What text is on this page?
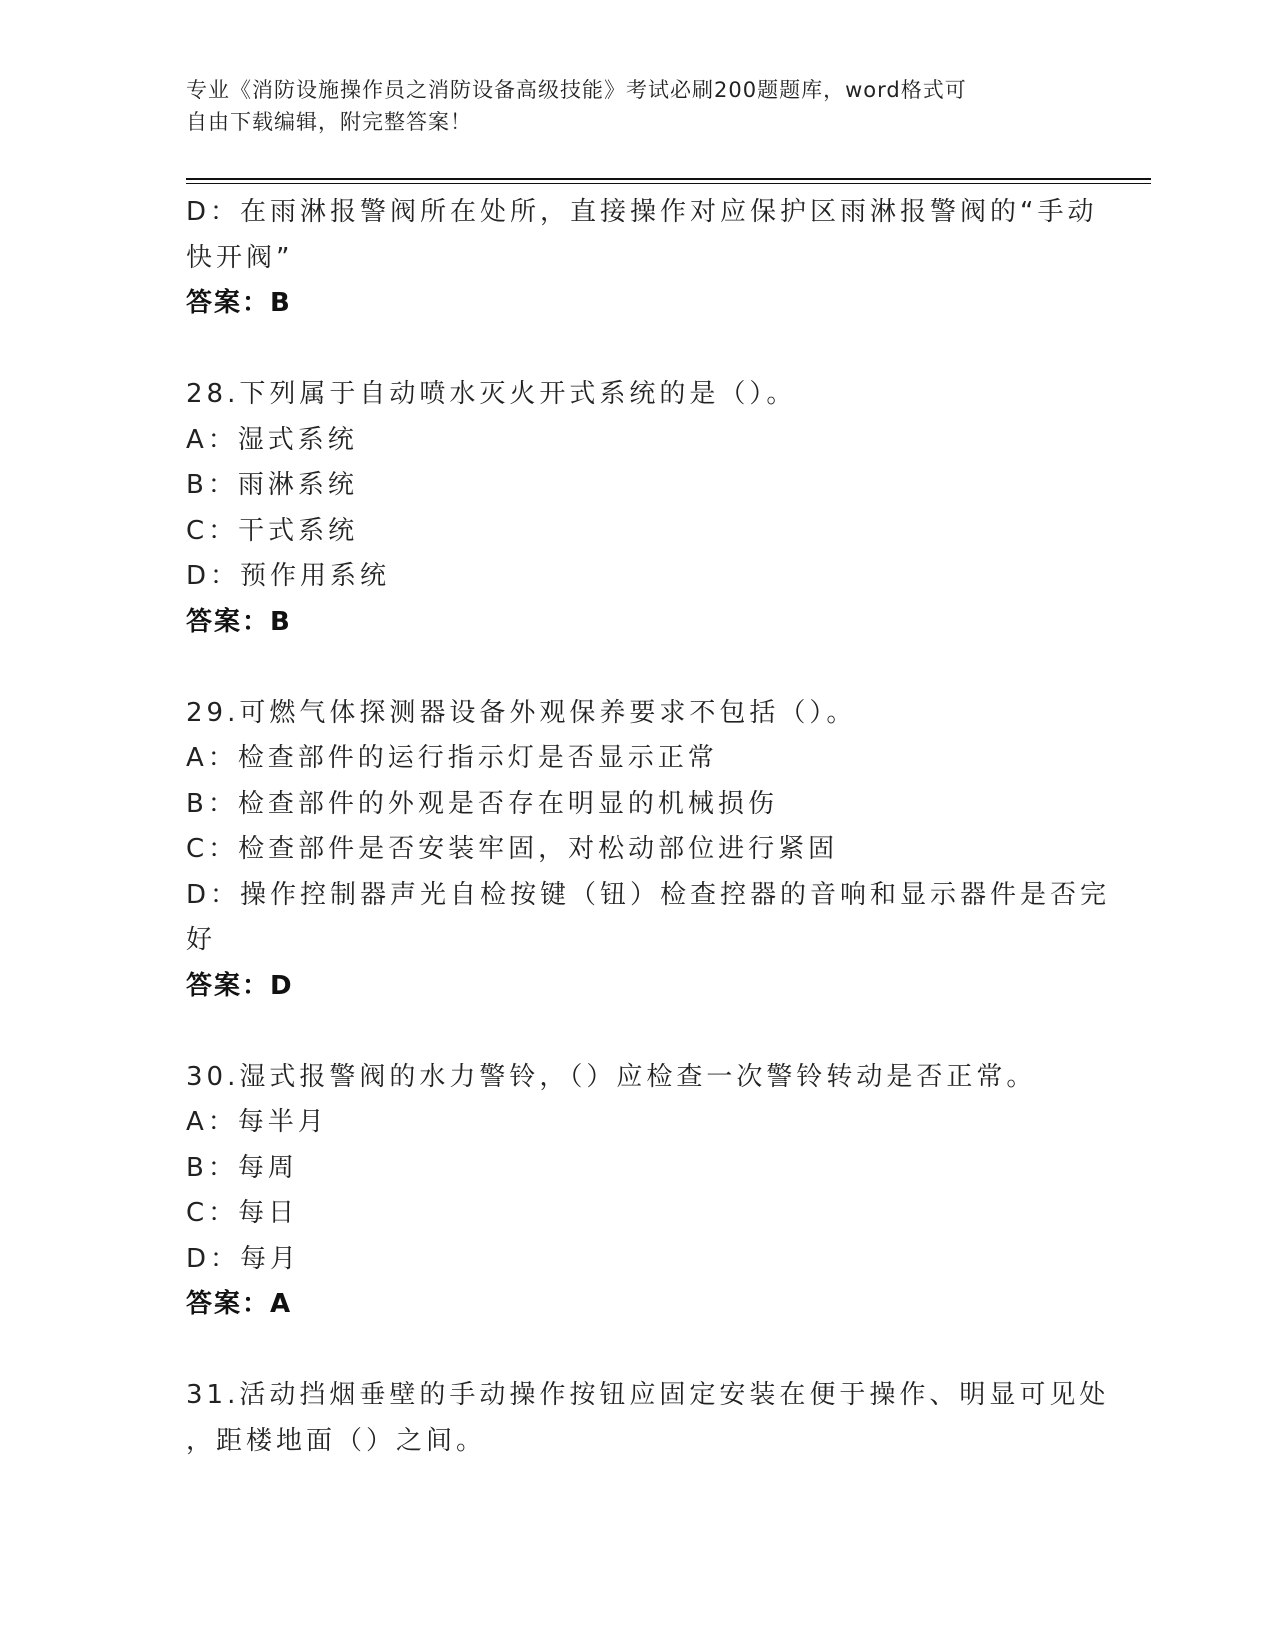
专业《消防设施操作员之消防设备高级技能》考试必刷200题题库，word格式可
自由下载编辑，附完整答案！
D：在雨淋报警阀所在处所，直接操作对应保护区雨淋报警阀的“手动
快开阀”
答案：B
28.下列属于自动喷水灭火开式系统的是（）。
A：湿式系统
B：雨淋系统
C：干式系统
D：预作用系统
答案：B
29.可燃气体探测器设备外观保养要求不包括（）。
A：检查部件的运行指示灯是否显示正常
B：检查部件的外观是否存在明显的机械损伤
C：检查部件是否安装牢固，对松动部位进行紧固
D：操作控制器声光自检按键（钮）检查控器的音响和显示器件是否完
好
答案：D
30.湿式报警阀的水力警铃，（）应检查一次警铃转动是否正常。
A：每半月
B：每周
C：每日
D：每月
答案：A
31.活动挡烟垂壁的手动操作按钮应固定安装在便于操作、明显可见处
，距楼地面（）之间。
